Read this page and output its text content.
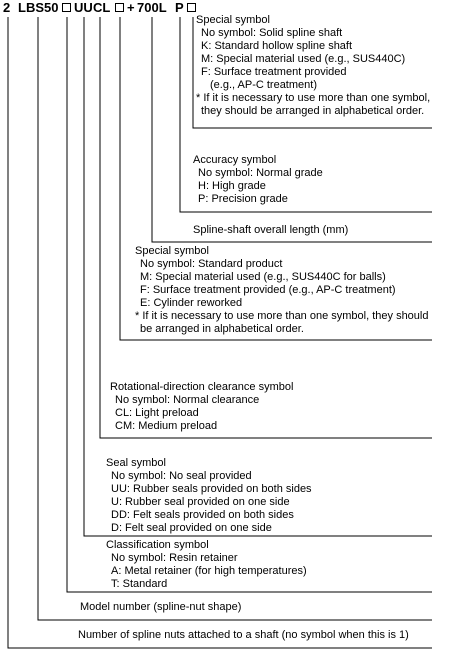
2 LBS50 UU CL + 700L P
Special symbol
No symbol: Solid spline shaft
K: Standard hollow spline shaft
M: Special material used (e.g., SUS440C)
F: Surface treatment provided
(e.g., AP-C treatment)
* If it is necessary to use more than one symbol,
they should be arranged in alphabetical order.
Accuracy symbol
No symbol: Normal grade
H: High grade
P: Precision grade
Spline-shaft overall length (mm)
Special symbol
No symbol: Standard product
M: Special material used (e.g., SUS440C for balls)
F: Surface treatment provided (e.g., AP-C treatment)
E: Cylinder reworked
* If it is necessary to use more than one symbol, they should
be arranged in alphabetical order.
Rotational-direction clearance symbol
No symbol: Normal clearance
CL: Light preload
CM: Medium preload
Seal symbol
No symbol: No seal provided
UU: Rubber seals provided on both sides
U: Rubber seal provided on one side
DD: Felt seals provided on both sides
D: Felt seal provided on one side
Classification symbol
No symbol: Resin retainer
A: Metal retainer (for high temperatures)
T: Standard
Model number (spline-nut shape)
Number of spline nuts attached to a shaft (no symbol when this is 1)
